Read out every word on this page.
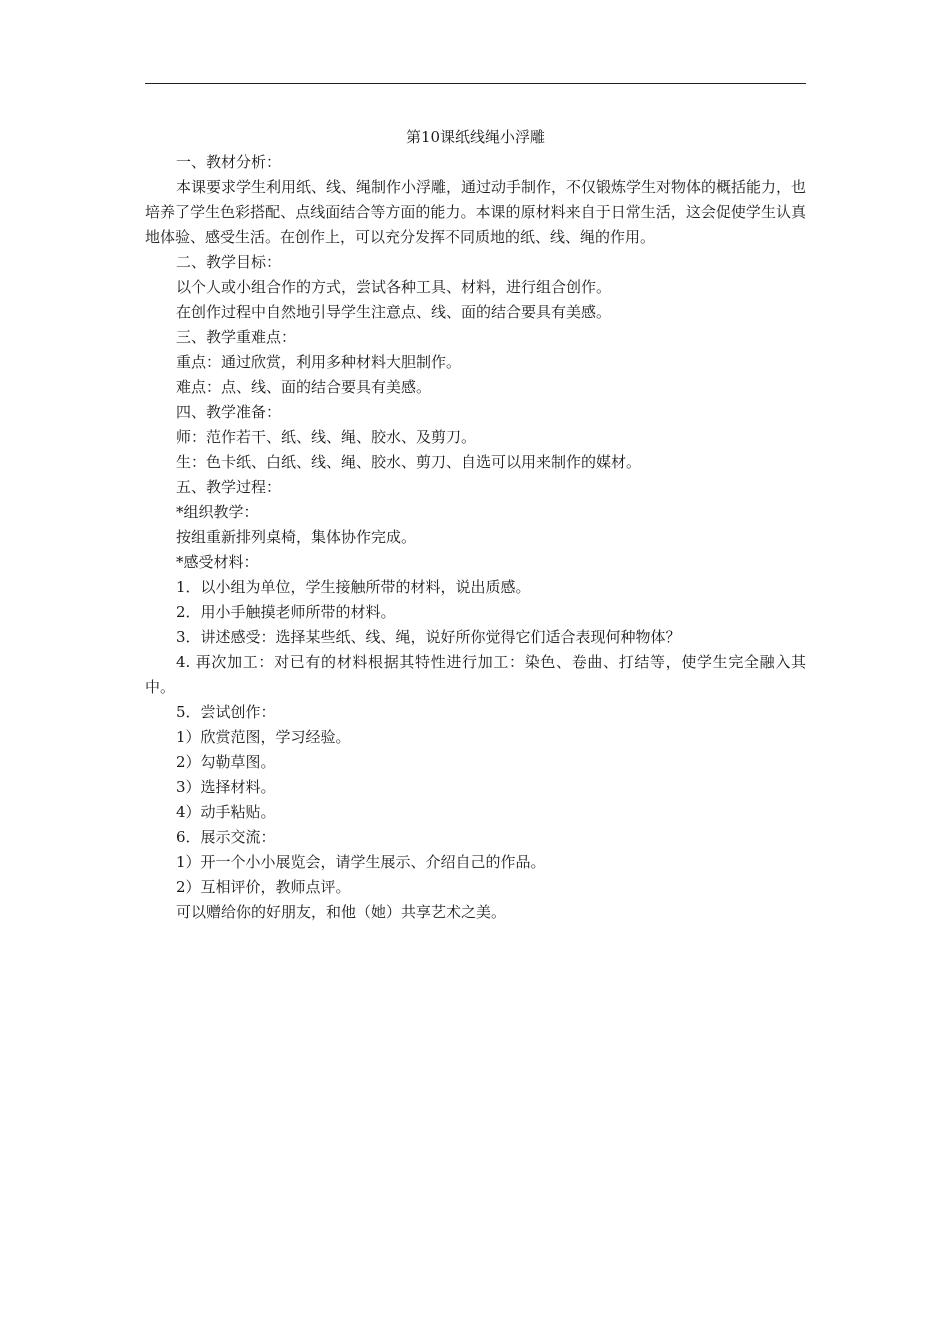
第10课纸线绳小浮雕

一、教材分析：

本课要求学生利用纸、线、绳制作小浮雕，通过动手制作，不仅锻炼学生对物体的概括能力，也培养了学生色彩搭配、点线面结合等方面的能力。本课的原材料来自于日常生活，这会促使学生认真地体验、感受生活。在创作上，可以充分发挥不同质地的纸、线、绳的作用。

二、教学目标：

以个人或小组合作的方式，尝试各种工具、材料，进行组合创作。

在创作过程中自然地引导学生注意点、线、面的结合要具有美感。

三、教学重难点：

重点：通过欣赏，利用多种材料大胆制作。

难点：点、线、面的结合要具有美感。

四、教学准备：

师：范作若干、纸、线、绳、胶水、及剪刀。

生：色卡纸、白纸、线、绳、胶水、剪刀、自选可以用来制作的媒材。

五、教学过程：

*组织教学：

按组重新排列桌椅，集体协作完成。

*感受材料：

1．以小组为单位，学生接触所带的材料，说出质感。

2．用小手触摸老师所带的材料。

3．讲述感受：选择某些纸、线、绳，说好所你觉得它们适合表现何种物体？

4. 再次加工：对已有的材料根据其特性进行加工：染色、卷曲、打结等，使学生完全融入其中。

5．尝试创作：

1）欣赏范图，学习经验。

2）勾勒草图。

3）选择材料。

4）动手粘贴。

6．展示交流：

1）开一个小小展览会，请学生展示、介绍自己的作品。

2）互相评价，教师点评。

可以赠给你的好朋友，和他（她）共享艺术之美。
